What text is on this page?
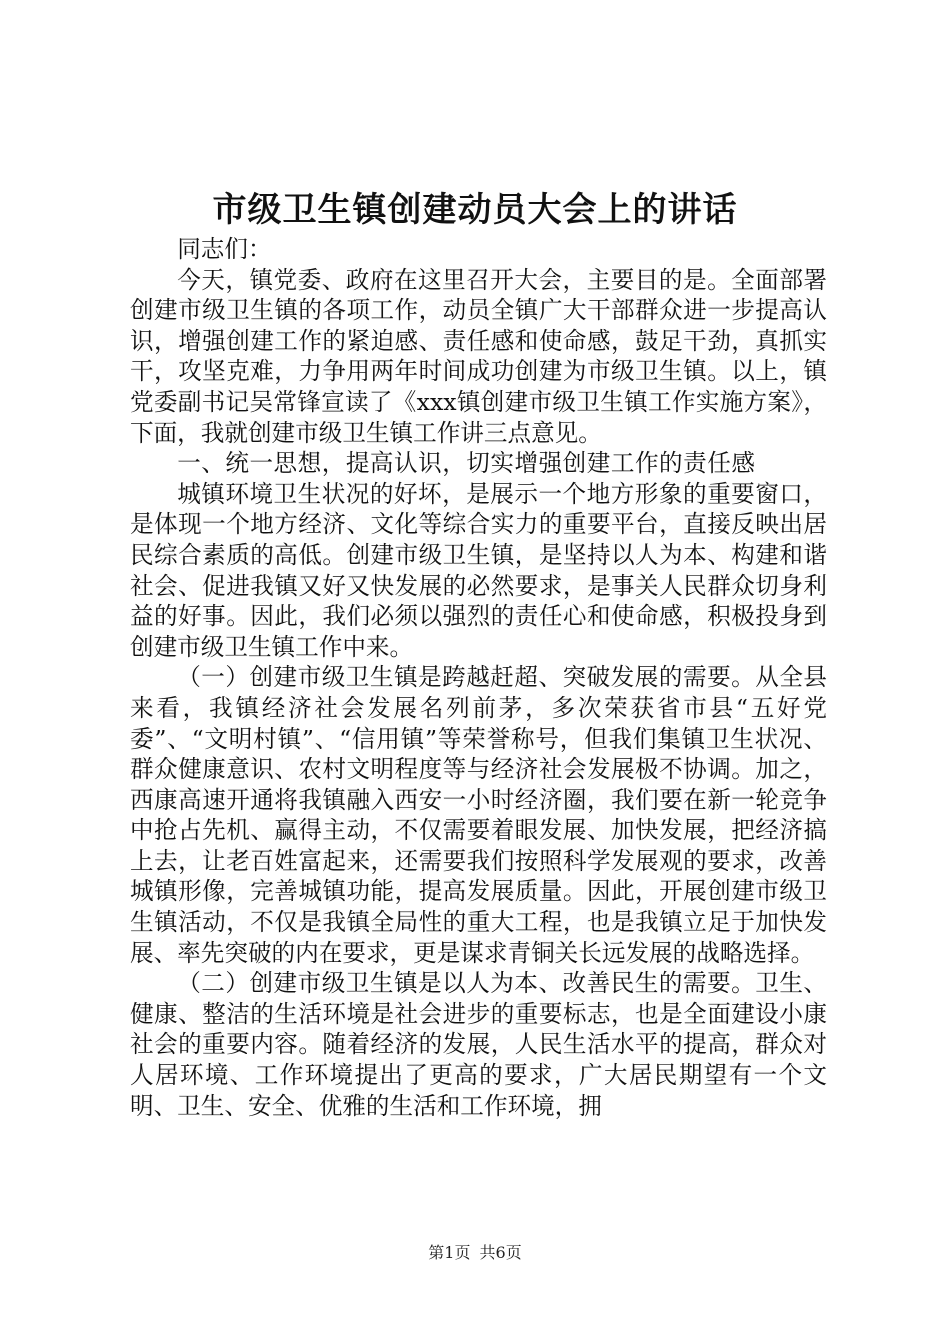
市级卫生镇创建动员大会上的讲话

同志们：

今天，镇党委、政府在这里召开大会，主要目的是。全面部署创建市级卫生镇的各项工作，动员全镇广大干部群众进一步提高认识，增强创建工作的紧迫感、责任感和使命感，鼓足干劲，真抓实干，攻坚克难，力争用两年时间成功创建为市级卫生镇。以上，镇党委副书记吴常锋宣读了《xxx镇创建市级卫生镇工作实施方案》，下面，我就创建市级卫生镇工作讲三点意见。

一、统一思想，提高认识，切实增强创建工作的责任感

城镇环境卫生状况的好坏，是展示一个地方形象的重要窗口，是体现一个地方经济、文化等综合实力的重要平台，直接反映出居民综合素质的高低。创建市级卫生镇，是坚持以人为本、构建和谐社会、促进我镇又好又快发展的必然要求，是事关人民群众切身利益的好事。因此，我们必须以强烈的责任心和使命感，积极投身到创建市级卫生镇工作中来。

（一）创建市级卫生镇是跨越赶超、突破发展的需要。从全县来看，我镇经济社会发展名列前茅，多次荣获省市县“五好党委”、“文明村镇”、“信用镇”等荣誉称号，但我们集镇卫生状况、群众健康意识、农村文明程度等与经济社会发展极不协调。加之，西康高速开通将我镇融入西安一小时经济圈，我们要在新一轮竞争中抢占先机、赢得主动，不仅需要着眼发展、加快发展，把经济搞上去，让老百姓富起来，还需要我们按照科学发展观的要求，改善城镇形像，完善城镇功能，提高发展质量。因此，开展创建市级卫生镇活动，不仅是我镇全局性的重大工程，也是我镇立足于加快发展、率先突破的内在要求，更是谋求青铜关长远发展的战略选择。

（二）创建市级卫生镇是以人为本、改善民生的需要。卫生、健康、整洁的生活环境是社会进步的重要标志，也是全面建设小康社会的重要内容。随着经济的发展，人民生活水平的提高，群众对人居环境、工作环境提出了更高的要求，广大居民期望有一个文明、卫生、安全、优雅的生活和工作环境，拥

第1页 共6页
